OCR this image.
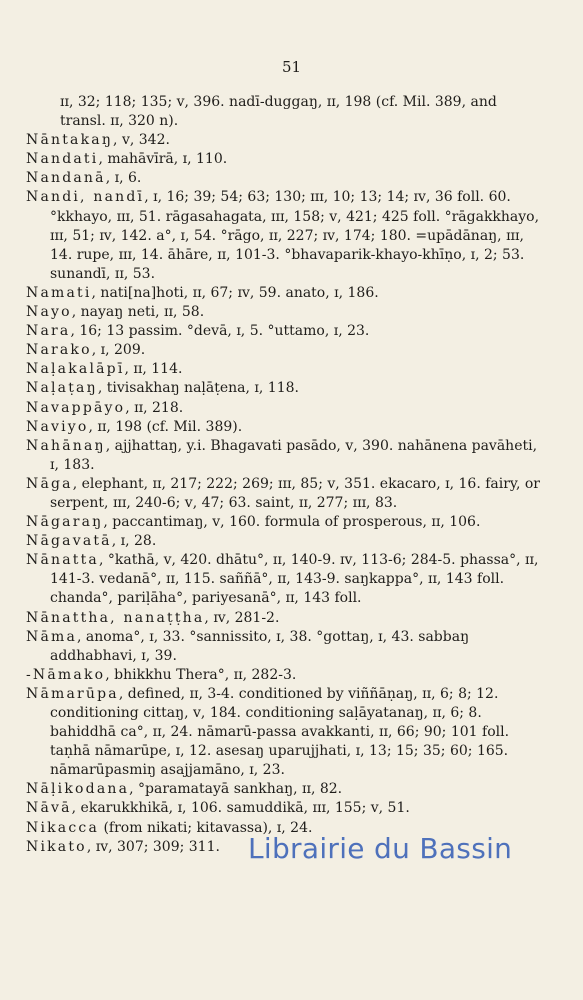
51

ɪɪ, 32; 118; 135; ᴠ, 396. nadī-duggaŋ, ɪɪ, 198 (cf. Mil. 389, and transl. ɪɪ, 320 n).

Nāntakaŋ, ᴠ, 342.

Nandati, mahāvīrā, ɪ, 110.

Nandanā, ɪ, 6.

Nandi, nandī, ɪ, 16; 39; 54; 63; 130; ɪɪɪ, 10; 13; 14; ɪᴠ, 36 foll. 60. °kkhayo, ɪɪɪ, 51. rāgasahagata, ɪɪɪ, 158; ᴠ, 421; 425 foll. °rāgakkhayo, ɪɪɪ, 51; ɪᴠ, 142. a°, ɪ, 54. °rāgo, ɪɪ, 227; ɪᴠ, 174; 180. =upādānaŋ, ɪɪɪ, 14. rupe, ɪɪɪ, 14. āhāre, ɪɪ, 101-3. °bhavaparik-khayo-khīṇo, ɪ, 2; 53. sunandī, ɪɪ, 53.

Namati, nati[na]hoti, ɪɪ, 67; ɪᴠ, 59. anato, ɪ, 186.

Nayo, nayaŋ neti, ɪɪ, 58.

Nara, 16; 13 passim. °devā, ɪ, 5. °uttamo, ɪ, 23.

Narako, ɪ, 209.

Naḷakalāpī, ɪɪ, 114.

Naḷaṭaŋ, tivisakhaŋ naḷāṭena, ɪ, 118.

Navappāyo, ɪɪ, 218.

Naviyo, ɪɪ, 198 (cf. Mil. 389).

Nahānaŋ, ajjhattaŋ, y.i. Bhagavati pasādo, ᴠ, 390. nahānena pavāheti, ɪ, 183.

Nāga, elephant, ɪɪ, 217; 222; 269; ɪɪɪ, 85; ᴠ, 351. ekacaro, ɪ, 16. fairy, or serpent, ɪɪɪ, 240-6; ᴠ, 47; 63. saint, ɪɪ, 277; ɪɪɪ, 83.

Nāgaraŋ, paccantimaŋ, ᴠ, 160. formula of prosperous, ɪɪ, 106.

Nāgavatā, ɪ, 28.

Nānatta, °kathā, ᴠ, 420. dhātu°, ɪɪ, 140-9. ɪᴠ, 113-6; 284-5. phassa°, ɪɪ, 141-3. vedanā°, ɪɪ, 115. saññā°, ɪɪ, 143-9. saŋkappa°, ɪɪ, 143 foll. chanda°, pariḷāha°, pariyesanā°, ɪɪ, 143 foll.

Nānattha, nanaṭṭha, ɪᴠ, 281-2.

Nāma, anoma°, ɪ, 33. °sannissito, ɪ, 38. °gottaŋ, ɪ, 43. sabbaŋ addhabhavi, ɪ, 39.

-Nāmako, bhikkhu Thera°, ɪɪ, 282-3.

Nāmarūpa, defined, ɪɪ, 3-4. conditioned by viññāṇaŋ, ɪɪ, 6; 8; 12. conditioning cittaŋ, ᴠ, 184. conditioning saḷāyatanaŋ, ɪɪ, 6; 8. bahiddhā ca°, ɪɪ, 24. nāmarū-passa avakkanti, ɪɪ, 66; 90; 101 foll. taṇhā nāmarūpe, ɪ, 12. asesaŋ uparujjhati, ɪ, 13; 15; 35; 60; 165. nāmarūpasmiŋ asajjamāno, ɪ, 23.

Nāḷikodana, °paramatayā sankhaŋ, ɪɪ, 82.

Nāvā, ekarukkhikā, ɪ, 106. samuddikā, ɪɪɪ, 155; ᴠ, 51.

Nikacca (from nikati; kitavassa), ɪ, 24.

Nikato, ɪᴠ, 307; 309; 311.	Librairie du Bassin
